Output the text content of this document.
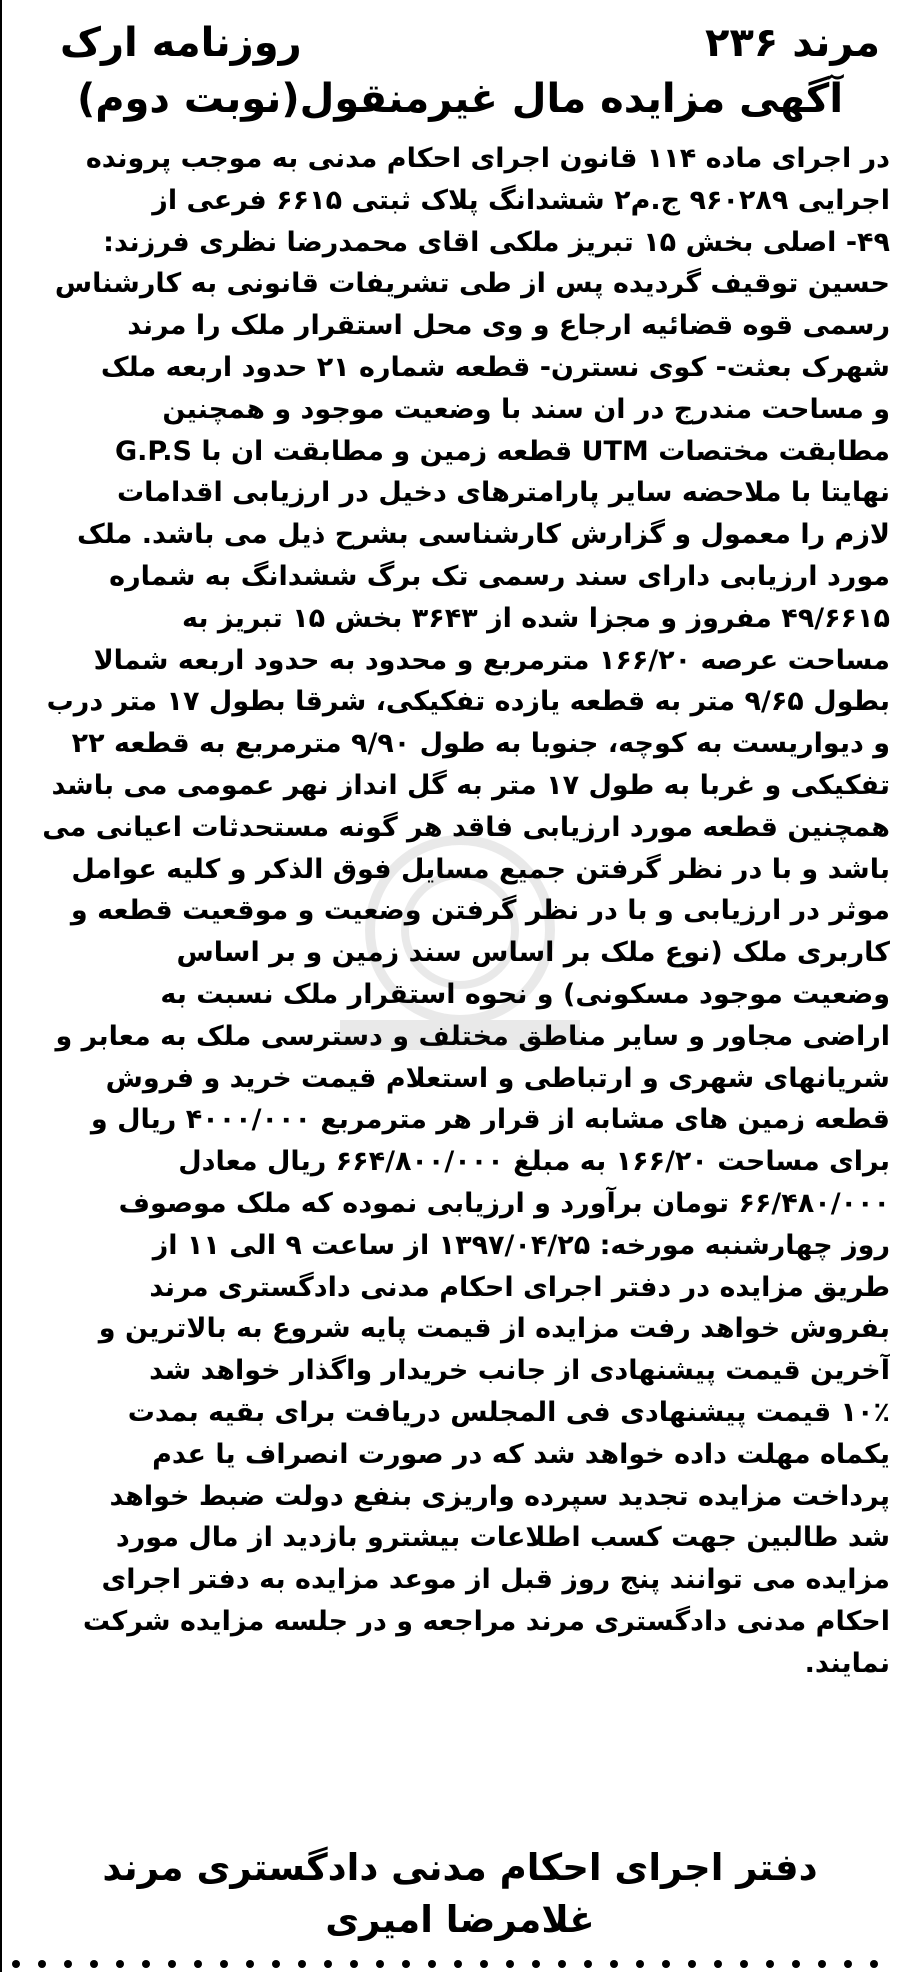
مرند ۲۳۶
روزنامه ارک
آگهی مزایده مال غیرمنقول(نوبت دوم)
در اجرای ماده ۱۱۴ قانون اجرای احکام مدنی به موجب پرونده
اجرایی ۹۶۰۲۸۹ ج.م۲ ششدانگ پلاک ثبتی ۶۶۱۵ فرعی از
۴۹- اصلی بخش ۱۵ تبریز ملکی اقای محمدرضا نظری فرزند:
حسین توقیف گردیده پس از طی تشریفات قانونی به کارشناس
رسمی قوه قضائیه ارجاع و وی محل استقرار ملک را مرند
شهرک بعثت- کوی نسترن- قطعه شماره ۲۱ حدود اربعه ملک
و مساحت مندرج در ان سند با وضعیت موجود و همچنین
مطابقت مختصات UTM قطعه زمین و مطابقت ان با G.P.S
نهایتا با ملاحضه سایر پارامترهای دخیل در ارزیابی اقدامات
لازم را معمول و گزارش کارشناسی بشرح ذیل می باشد. ملک
مورد ارزیابی دارای سند رسمی تک برگ ششدانگ به شماره
۴۹/۶۶۱۵ مفروز و مجزا شده از ۳۶۴۳ بخش ۱۵ تبریز به
مساحت عرصه ۱۶۶/۲۰ مترمربع و محدود به حدود اربعه شمالا
بطول ۹/۶۵ متر به قطعه یازده تفکیکی، شرقا بطول ۱۷ متر درب
و دیواریست به کوچه، جنوبا به طول ۹/۹۰ مترمربع به قطعه ۲۲
تفکیکی و غربا به طول ۱۷ متر به گل انداز نهر عمومی می باشد
همچنین قطعه مورد ارزیابی فاقد هر گونه مستحدثات اعیانی می
باشد و با در نظر گرفتن جمیع مسایل فوق الذکر و کلیه عوامل
موثر در ارزیابی و با در نظر گرفتن وضعیت و موقعیت قطعه و
کاربری ملک (نوع ملک بر اساس سند زمین و بر اساس
وضعیت موجود مسکونی) و نحوه استقرار ملک نسبت به
اراضی مجاور و سایر مناطق مختلف و دسترسی ملک به معابر و
شریانهای شهری و ارتباطی و استعلام قیمت خرید و فروش
قطعه زمین های مشابه از قرار هر مترمربع ۴۰۰۰/۰۰۰ ریال و
برای مساحت ۱۶۶/۲۰ به مبلغ ۶۶۴/۸۰۰/۰۰۰ ریال معادل
۶۶/۴۸۰/۰۰۰ تومان برآورد و ارزیابی نموده که ملک موصوف
روز چهارشنبه مورخه: ۱۳۹۷/۰۴/۲۵ از ساعت ۹ الی ۱۱ از
طریق مزایده در دفتر اجرای احکام مدنی دادگستری مرند
بفروش خواهد رفت مزایده از قیمت پایه شروع به بالاترین و
آخرین قیمت پیشنهادی از جانب خریدار واگذار خواهد شد
۱۰٪ قیمت پیشنهادی فی المجلس دریافت برای بقیه بمدت
یکماه مهلت داده خواهد شد که در صورت انصراف یا عدم
پرداخت مزایده تجدید سپرده واریزی بنفع دولت ضبط خواهد
شد طالبین جهت کسب اطلاعات بیشترو بازدید از مال مورد
مزایده می توانند پنج روز قبل از موعد مزایده به دفتر اجرای
احکام مدنی دادگستری مرند مراجعه و در جلسه مزایده شرکت
نمایند.
دفتر اجرای احکام مدنی دادگستری مرند
غلامرضا امیری
